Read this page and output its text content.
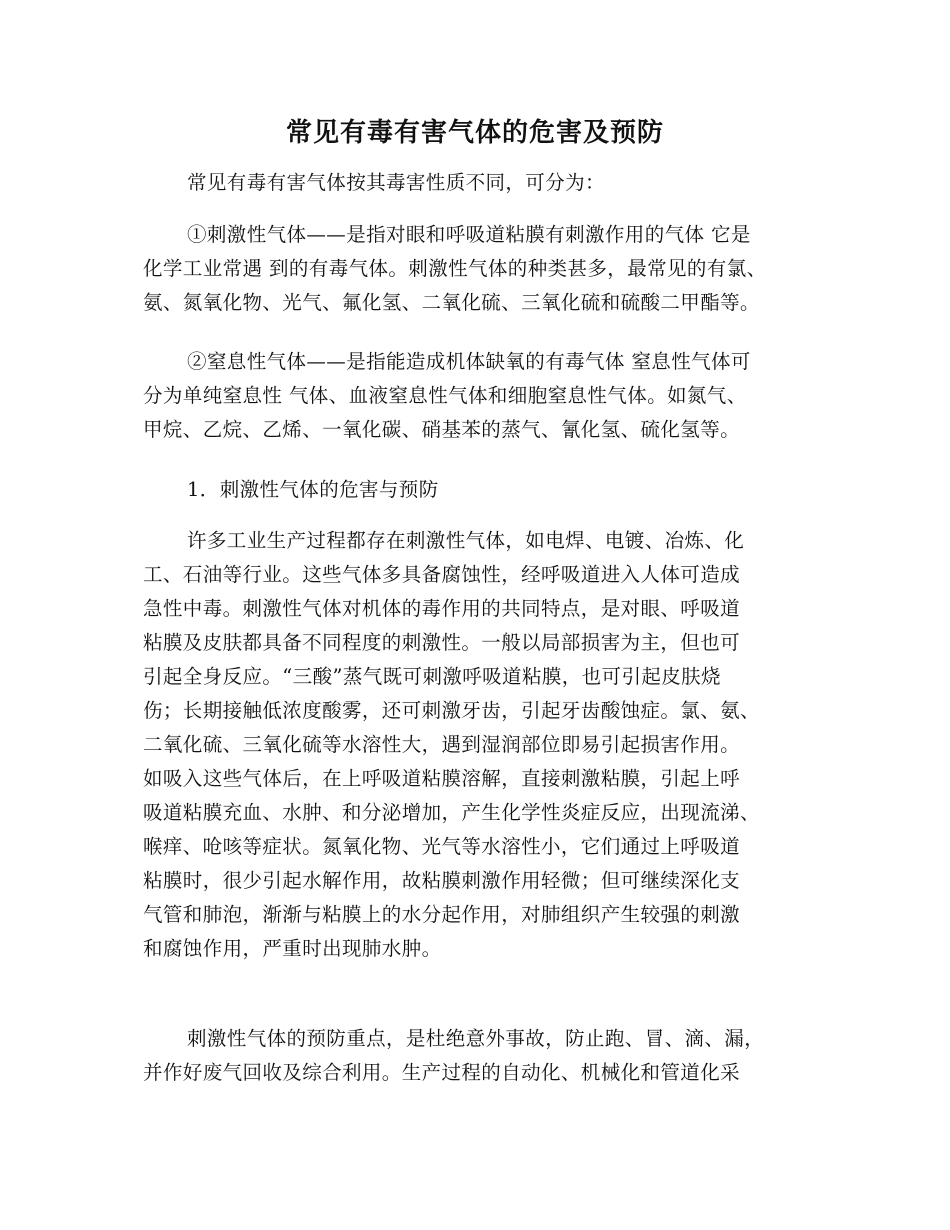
常见有毒有害气体的危害及预防
常见有毒有害气体按其毒害性质不同，可分为：
①刺激性气体——是指对眼和呼吸道粘膜有刺激作用的气体 它是
化学工业常遇 到的有毒气体。刺激性气体的种类甚多，最常见的有氯、
氨、氮氧化物、光气、氟化氢、二氧化硫、三氧化硫和硫酸二甲酯等。
②窒息性气体——是指能造成机体缺氧的有毒气体 窒息性气体可
分为单纯窒息性 气体、血液窒息性气体和细胞窒息性气体。如氮气、
甲烷、乙烷、乙烯、一氧化碳、硝基苯的蒸气、氰化氢、硫化氢等。
1．刺激性气体的危害与预防
许多工业生产过程都存在刺激性气体，如电焊、电镀、冶炼、化
工、石油等行业。这些气体多具备腐蚀性，经呼吸道进入人体可造成
急性中毒。刺激性气体对机体的毒作用的共同特点，是对眼、呼吸道
粘膜及皮肤都具备不同程度的刺激性。一般以局部损害为主，但也可
引起全身反应。“三酸”蒸气既可刺激呼吸道粘膜，也可引起皮肤烧
伤；长期接触低浓度酸雾，还可刺激牙齿，引起牙齿酸蚀症。氯、氨、
二氧化硫、三氧化硫等水溶性大，遇到湿润部位即易引起损害作用。
如吸入这些气体后，在上呼吸道粘膜溶解，直接刺激粘膜，引起上呼
吸道粘膜充血、水肿、和分泌增加，产生化学性炎症反应，出现流涕、
喉痒、呛咳等症状。氮氧化物、光气等水溶性小，它们通过上呼吸道
粘膜时，很少引起水解作用，故粘膜刺激作用轻微；但可继续深化支
气管和肺泡，渐渐与粘膜上的水分起作用，对肺组织产生较强的刺激
和腐蚀作用，严重时出现肺水肿。
刺激性气体的预防重点，是杜绝意外事故，防止跑、冒、滴、漏，
并作好废气回收及综合利用。生产过程的自动化、机械化和管道化采
